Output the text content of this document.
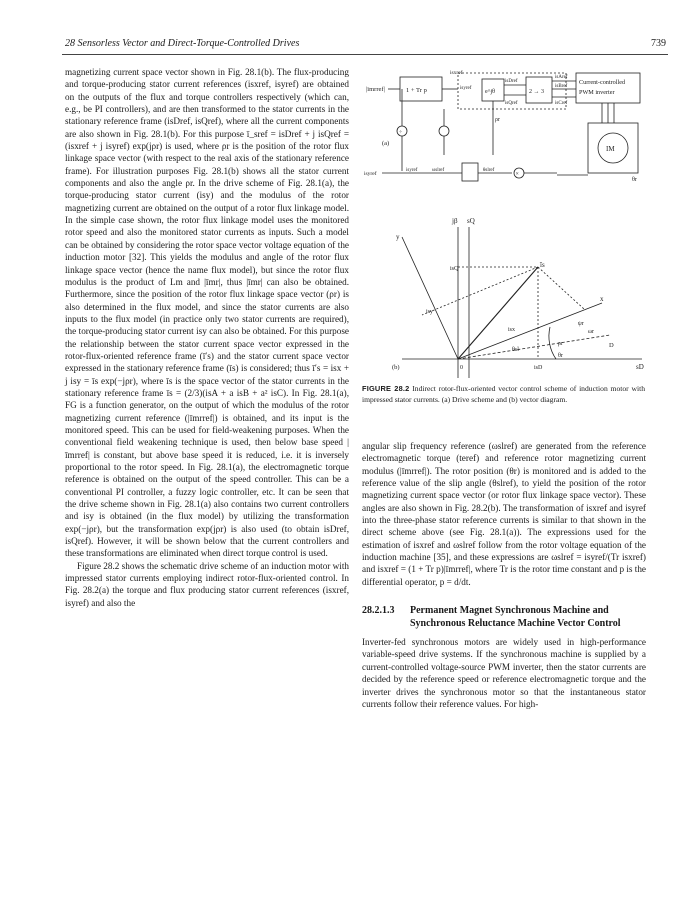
28 Sensorless Vector and Direct-Torque-Controlled Drives	739

magnetizing current space vector shown in Fig. 28.1(b). The flux-producing and torque-producing stator current references (isxref, isyref) are obtained on the outputs of the flux and torque controllers respectively (which can, e.g., be PI controllers), and are then transformed to the stator currents in the stationary reference frame (isDref, isQref), where all the current components are also shown in Fig. 28.1(b). For this purpose ī_sref = isDref + j isQref = (isxref + j isyref) exp(jρr) is used, where ρr is the position of the rotor flux linkage space vector (with respect to the real axis of the stationary reference frame). For illustration purposes Fig. 28.1(b) shows all the stator current components and also the angle ρr. In the drive scheme of Fig. 28.1(a), the torque-producing stator current (isy) and the modulus of the rotor magnetizing current are obtained on the output of a rotor flux linkage model. In the simple case shown, the rotor flux linkage model uses the monitored rotor speed and also the monitored stator currents as inputs. Such a model can be obtained by considering the rotor space vector voltage equation of the induction motor [32]. This yields the modulus and angle of the rotor flux linkage space vector (hence the name flux model), but since the rotor flux modulus is the product of Lm and |īmr|, thus |īmr| can also be obtained. Furthermore, since the position of the rotor flux linkage space vector (ρr) is also determined in the flux model, and since the stator currents are also inputs to the flux model (in practice only two stator currents are required), the torque-producing stator current isy can also be obtained. For this purpose the relationship between the stator current space vector expressed in the rotor-flux-oriented reference frame (ī′s) and the stator current space vector expressed in the stationary reference frame (īs) is considered; thus ī′s = isx + j isy = īs exp(−jρr), where īs is the space vector of the stator currents in the stationary reference frame īs = (2/3)(isA + a isB + a² isC). In Fig. 28.1(a), FG is a function generator, on the output of which the modulus of the rotor magnetizing current reference (|īmrref|) is obtained, and its input is the monitored speed. This can be used for field-weakening purposes. When the conventional field weakening technique is used, then below base speed |īmrref| is constant, but above base speed it is reduced, i.e. it is inversely proportional to the rotor speed. In Fig. 28.1(a), the electromagnetic torque reference is obtained on the output of the speed controller. This can be a conventional PI controller, a fuzzy logic controller, etc. It can be seen that the drive scheme shown in Fig. 28.1(a) also contains two current controllers and isy is obtained (in the flux model) by utilizing the transformation exp(−jρr), but the transformation exp(jρr) is also used (to obtain isDref, isQref). However, it will be shown below that the current controllers and these transformations are eliminated when direct torque control is used.

Figure 28.2 shows the schematic drive scheme of an induction motor with impressed stator currents employing indirect rotor-flux-oriented control. In Fig. 28.2(a) the torque and flux producing stator current references (isxref, isyref) and also the

|īmrref|	1 + Tr p
isxref
e^jθ
isyref
isDref
isQref
2 → 3
isAref
isBref
isCref
Current-controlled
PWM inverter
IM
θr
÷
ρr
(a)
isyref
isyref	ωslref	θslref
×
jβ sQ
sD
y
x
īs
isQ
isD
isy
isx
ρr
ψr
ωr
θsl
θr
D
0
(b)
FIGURE 28.2 Indirect rotor-flux-oriented vector control scheme of induction motor with impressed stator currents. (a) Drive scheme and (b) vector diagram.

angular slip frequency reference (ωslref) are generated from the reference electromagnetic torque (teref) and reference rotor magnetizing current modulus (|īmrref|). The rotor position (θr) is monitored and is added to the reference value of the slip angle (θslref), to yield the position of the rotor magnetizing current space vector (or rotor flux linkage space vector). These angles are also shown in Fig. 28.2(b). The transformation of isxref and isyref into the three-phase stator reference currents is similar to that shown in the direct scheme above (see Fig. 28.1(a)). The expressions used for the estimation of isxref and ωslref follow from the rotor voltage equation of the induction machine [35], and these expressions are ωslref = isyref/(Tr isxref) and isxref = (1 + Tr p)|īmrref|, where Tr is the rotor time constant and p is the differential operator, p = d/dt.

28.2.1.3	Permanent Magnet Synchronous Machine and Synchronous Reluctance Machine Vector Control

Inverter-fed synchronous motors are widely used in high-performance variable-speed drive systems. If the synchronous machine is supplied by a current-controlled voltage-source PWM inverter, then the stator currents are decided by the reference speed or reference electromagnetic torque and the inverter drives the synchronous motor so that the instantaneous stator currents follow their reference values. For high-
